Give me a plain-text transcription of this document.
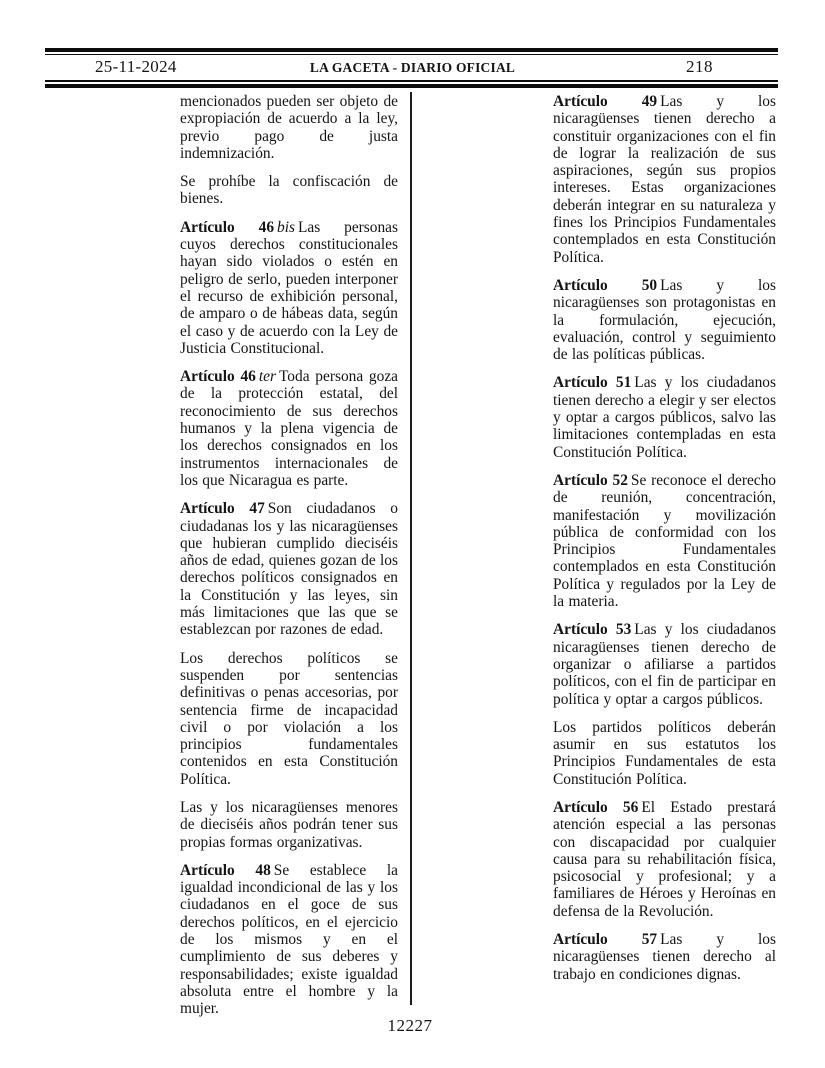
25-11-2024	LA GACETA - DIARIO OFICIAL	218

mencionados pueden ser objeto de expropiación de acuerdo a la ley, previo pago de justa indemnización.

Se prohíbe la confiscación de bienes.

Artículo 46 bis Las personas cuyos derechos constitucionales hayan sido violados o estén en peligro de serlo, pueden interponer el recurso de exhibición personal, de amparo o de hábeas data, según el caso y de acuerdo con la Ley de Justicia Constitucional.

Artículo 46 ter Toda persona goza de la protección estatal, del reconocimiento de sus derechos humanos y la plena vigencia de los derechos consignados en los instrumentos internacionales de los que Nicaragua es parte.

Artículo 47 Son ciudadanos o ciudadanas los y las nicaragüenses que hubieran cumplido dieciséis años de edad, quienes gozan de los derechos políticos consignados en la Constitución y las leyes, sin más limitaciones que las que se establezcan por razones de edad.

Los derechos políticos se suspenden por sentencias definitivas o penas accesorias, por sentencia firme de incapacidad civil o por violación a los principios fundamentales contenidos en esta Constitución Política.

Las y los nicaragüenses menores de dieciséis años podrán tener sus propias formas organizativas.

Artículo 48 Se establece la igualdad incondicional de las y los ciudadanos en el goce de sus derechos políticos, en el ejercicio de los mismos y en el cumplimiento de sus deberes y responsabilidades; existe igualdad absoluta entre el hombre y la mujer.

Artículo 49 Las y los nicaragüenses tienen derecho a constituir organizaciones con el fin de lograr la realización de sus aspiraciones, según sus propios intereses. Estas organizaciones deberán integrar en su naturaleza y fines los Principios Fundamentales contemplados en esta Constitución Política.

Artículo 50 Las y los nicaragüenses son protagonistas en la formulación, ejecución, evaluación, control y seguimiento de las políticas públicas.

Artículo 51 Las y los ciudadanos tienen derecho a elegir y ser electos y optar a cargos públicos, salvo las limitaciones contempladas en esta Constitución Política.

Artículo 52 Se reconoce el derecho de reunión, concentración, manifestación y movilización pública de conformidad con los Principios Fundamentales contemplados en esta Constitución Política y regulados por la Ley de la materia.

Artículo 53 Las y los ciudadanos nicaragüenses tienen derecho de organizar o afiliarse a partidos políticos, con el fin de participar en política y optar a cargos públicos.

Los partidos políticos deberán asumir en sus estatutos los Principios Fundamentales de esta Constitución Política.

Artículo 56 El Estado prestará atención especial a las personas con discapacidad por cualquier causa para su rehabilitación física, psicosocial y profesional; y a familiares de Héroes y Heroínas en defensa de la Revolución.

Artículo 57 Las y los nicaragüenses tienen derecho al trabajo en condiciones dignas.

12227
